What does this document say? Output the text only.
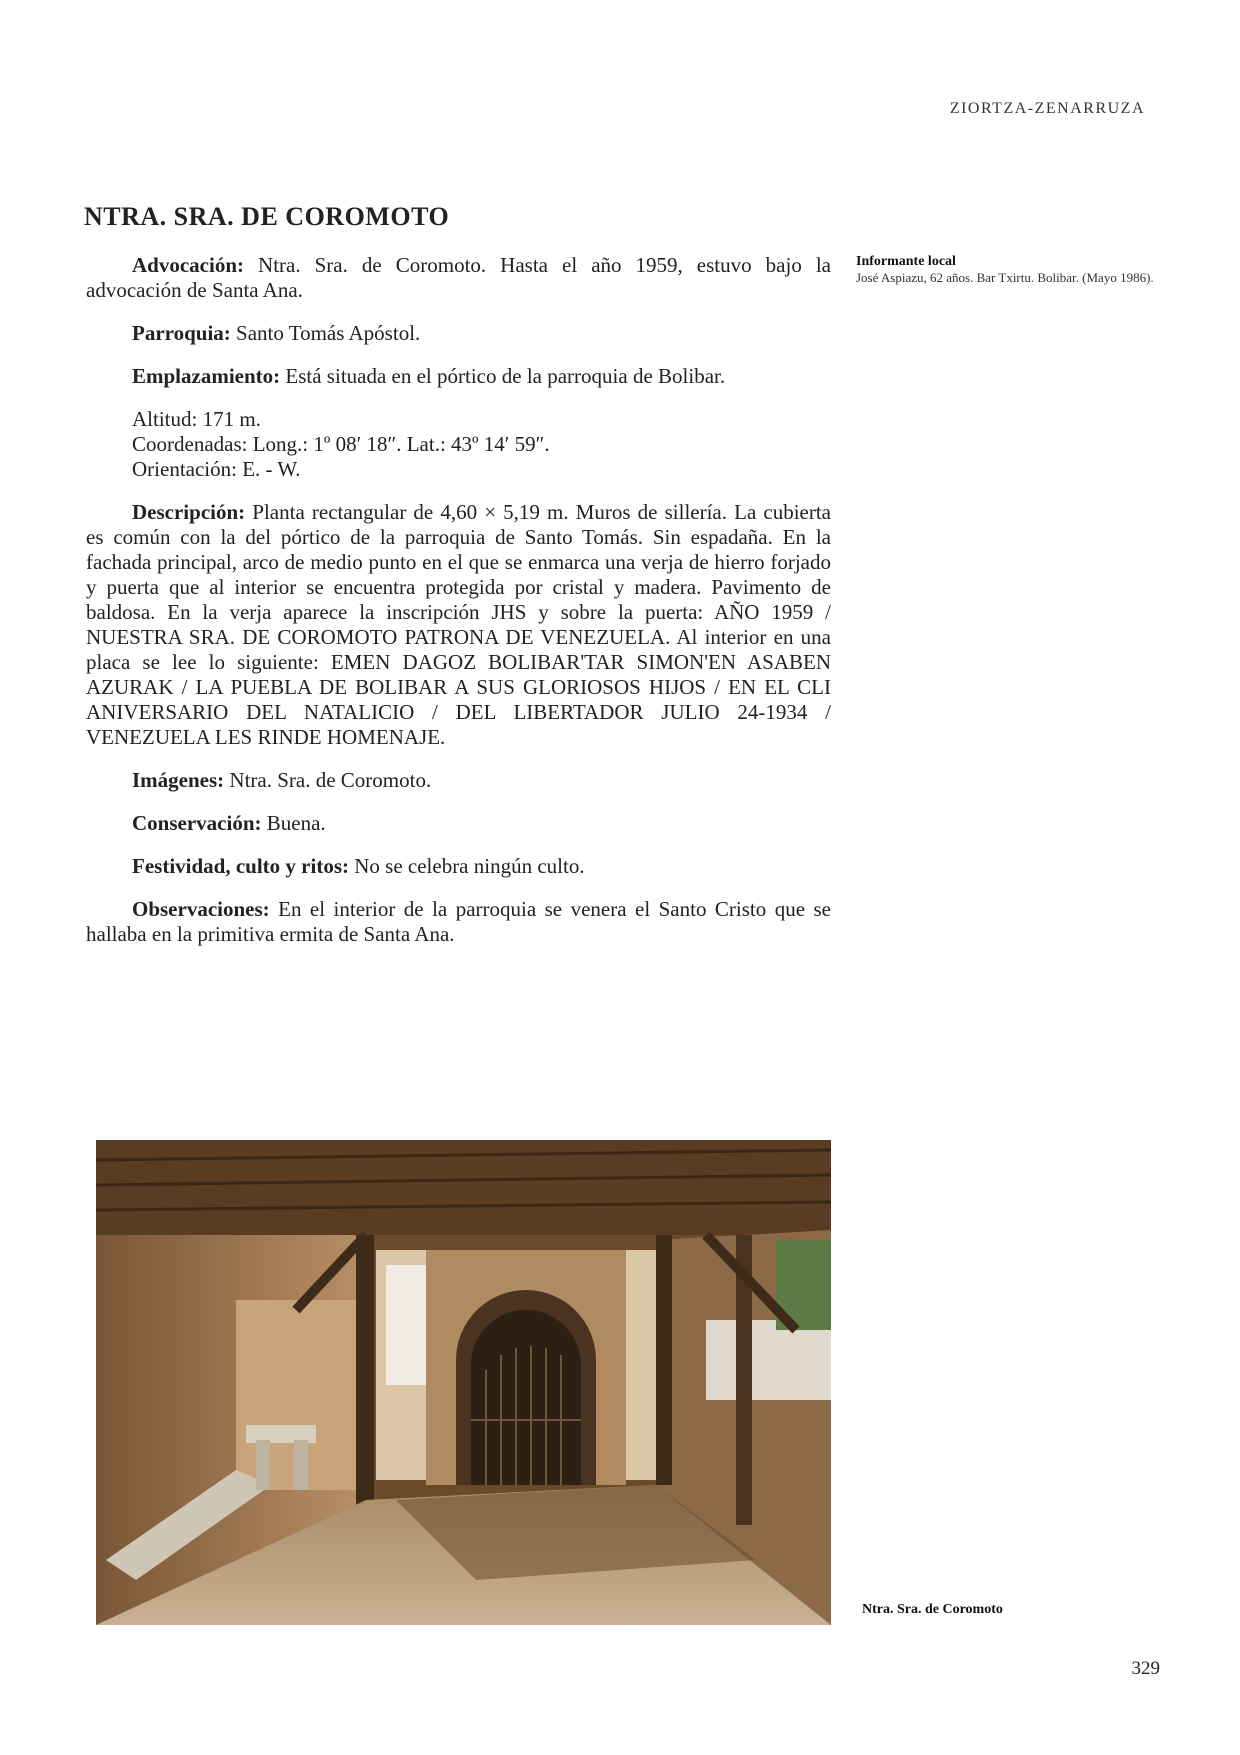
ZIORTZA-ZENARRUZA
NTRA. SRA. DE COROMOTO

Advocación: Ntra. Sra. de Coromoto. Hasta el año 1959, estuvo bajo la advocación de Santa Ana.

Parroquia: Santo Tomás Apóstol.

Emplazamiento: Está situada en el pórtico de la parroquia de Bolibar.

Altitud: 171 m.
Coordenadas: Long.: 1º 08′ 18″. Lat.: 43º 14′ 59″.
Orientación: E. - W.

Descripción: Planta rectangular de 4,60 × 5,19 m. Muros de sillería. La cubierta es común con la del pórtico de la parroquia de Santo Tomás. Sin espadaña. En la fachada principal, arco de medio punto en el que se enmarca una verja de hierro forjado y puerta que al interior se encuentra protegida por cristal y madera. Pavimento de baldosa. En la verja aparece la inscripción JHS y sobre la puerta: AÑO 1959 / NUESTRA SRA. DE COROMOTO PATRONA DE VENEZUELA. Al interior en una placa se lee lo siguiente: EMEN DAGOZ BOLIBAR'TAR SIMON'EN ASABEN AZURAK / LA PUEBLA DE BOLIBAR A SUS GLORIOSOS HIJOS / EN EL CLI ANIVERSARIO DEL NATALICIO / DEL LIBERTADOR JULIO 24-1934 / VENEZUELA LES RINDE HOMENAJE.

Imágenes: Ntra. Sra. de Coromoto.

Conservación: Buena.

Festividad, culto y ritos: No se celebra ningún culto.

Observaciones: En el interior de la parroquia se venera el Santo Cristo que se hallaba en la primitiva ermita de Santa Ana.

Informante local
José Aspiazu, 62 años. Bar Txirtu. Bolibar. (Mayo 1986).
Ntra. Sra. de Coromoto
329
